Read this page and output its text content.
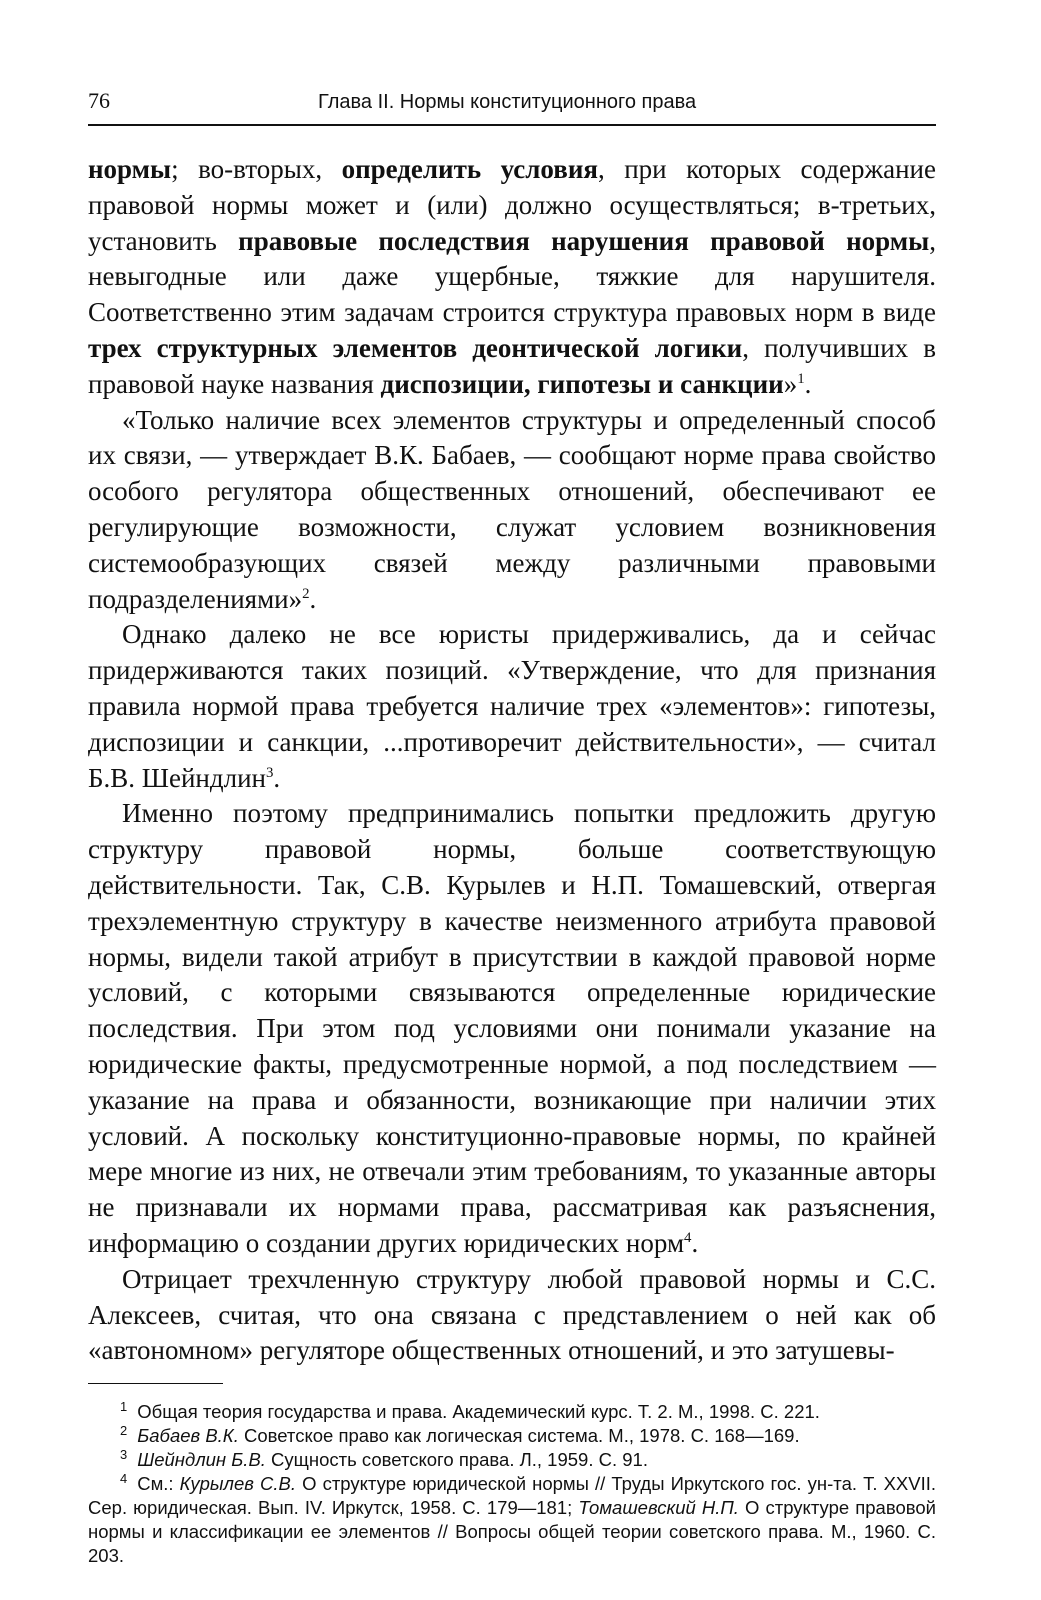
76	Глава II. Нормы конституционного права

нормы; во-вторых, определить условия, при которых содержание правовой нормы может и (или) должно осуществляться; в-третьих, установить правовые последствия нарушения правовой нормы, невыгодные или даже ущербные, тяжкие для нарушителя. Соответственно этим задачам строится структура правовых норм в виде трех структурных элементов деонтической логики, получивших в правовой науке названия диспозиции, гипотезы и санкции»$^1$.

«Только наличие всех элементов структуры и определенный способ их связи, — утверждает В.К. Бабаев, — сообщают норме права свойство особого регулятора общественных отношений, обеспечивают ее регулирующие возможности, служат условием возникновения системообразующих связей между различными правовыми подразделениями»$^2$.

Однако далеко не все юристы придерживались, да и сейчас придерживаются таких позиций. «Утверждение, что для признания правила нормой права требуется наличие трех «элементов»: гипотезы, диспозиции и санкции, ...противоречит действительности», — считал Б.В. Шейндлин$^3$.

Именно поэтому предпринимались попытки предложить другую структуру правовой нормы, больше соответствующую действительности. Так, С.В. Курылев и Н.П. Томашевский, отвергая трехэлементную структуру в качестве неизменного атрибута правовой нормы, видели такой атрибут в присутствии в каждой правовой норме условий, с которыми связываются определенные юридические последствия. При этом под условиями они понимали указание на юридические факты, предусмотренные нормой, а под последствием — указание на права и обязанности, возникающие при наличии этих условий. А поскольку конституционно-правовые нормы, по крайней мере многие из них, не отвечали этим требованиям, то указанные авторы не признавали их нормами права, рассматривая как разъяснения, информацию о создании других юридических норм$^4$.

Отрицает трехчленную структуру любой правовой нормы и С.С. Алексеев, считая, что она связана с представлением о ней как об «автономном» регуляторе общественных отношений, и это затушевы-

$^1$ Общая теория государства и права. Академический курс. Т. 2. М., 1998. С. 221.

$^2$ Бабаев В.К. Советское право как логическая система. М., 1978. С. 168—169.

$^3$ Шейндлин Б.В. Сущность советского права. Л., 1959. С. 91.

$^4$ См.: Курылев С.В. О структуре юридической нормы // Труды Иркутского гос. ун-та. Т. XXVII. Сер. юридическая. Вып. IV. Иркутск, 1958. С. 179—181; Томашевский Н.П. О структуре правовой нормы и классификации ее элементов // Вопросы общей теории советского права. М., 1960. С. 203.
